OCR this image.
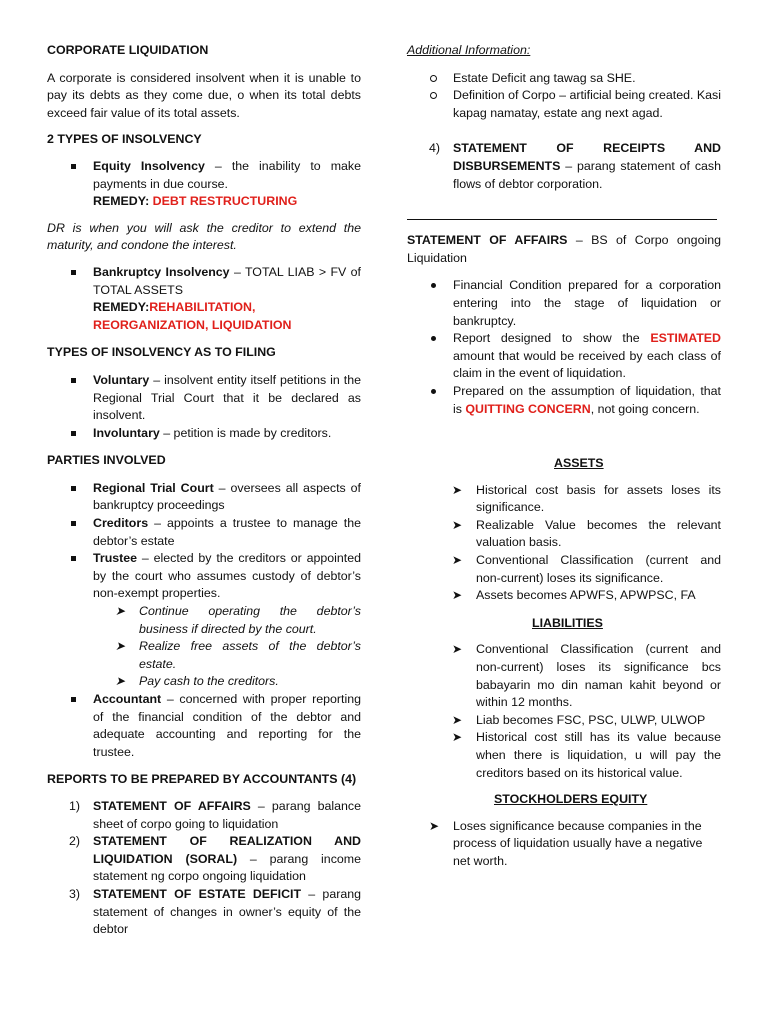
CORPORATE LIQUIDATION

A corporate is considered insolvent when it is unable to pay its debts as they come due, o when its total debts exceed fair value of its total assets.

2 TYPES OF INSOLVENCY

Equity Insolvency – the inability to make payments in due course.
REMEDY: DEBT RESTRUCTURING

DR is when you will ask the creditor to extend the maturity, and condone the interest.

Bankruptcy Insolvency – TOTAL LIAB > FV of TOTAL ASSETS
REMEDY:REHABILITATION, REORGANIZATION, LIQUIDATION

TYPES OF INSOLVENCY AS TO FILING

Voluntary – insolvent entity itself petitions in the Regional Trial Court that it be declared as insolvent.
Involuntary – petition is made by creditors.

PARTIES INVOLVED

Regional Trial Court – oversees all aspects of bankruptcy proceedings
Creditors – appoints a trustee to manage the debtor’s estate
Trustee – elected by the creditors or appointed by the court who assumes custody of debtor’s non-exempt properties.
➤ Continue operating the debtor’s business if directed by the court.
➤ Realize free assets of the debtor’s estate.
➤ Pay cash to the creditors.
Accountant – concerned with proper reporting of the financial condition of the debtor and adequate accounting and reporting for the trustee.

REPORTS TO BE PREPARED BY ACCOUNTANTS (4)

1) STATEMENT OF AFFAIRS – parang balance sheet of corpo going to liquidation
2) STATEMENT OF REALIZATION AND LIQUIDATION (SORAL) – parang income statement ng corpo ongoing liquidation
3) STATEMENT OF ESTATE DEFICIT – parang statement of changes in owner’s equity of the debtor

Additional Information:

Estate Deficit ang tawag sa SHE.
Definition of Corpo – artificial being created. Kasi kapag namatay, estate ang next agad.
4) STATEMENT OF RECEIPTS AND DISBURSEMENTS – parang statement of cash flows of debtor corporation.

STATEMENT OF AFFAIRS – BS of Corpo ongoing Liquidation

Financial Condition prepared for a corporation entering into the stage of liquidation or bankruptcy.
Report designed to show the ESTIMATED amount that would be received by each class of claim in the event of liquidation.
Prepared on the assumption of liquidation, that is QUITTING CONCERN, not going concern.

ASSETS

➤ Historical cost basis for assets loses its significance.
➤ Realizable Value becomes the relevant valuation basis.
➤ Conventional Classification (current and non-current) loses its significance.
➤ Assets becomes APWFS, APWPSC, FA

LIABILITIES

➤ Conventional Classification (current and non-current) loses its significance bcs babayarin mo din naman kahit beyond or within 12 months.
➤ Liab becomes FSC, PSC, ULWP, ULWOP
➤ Historical cost still has its value because when there is liquidation, u will pay the creditors based on its historical value.

STOCKHOLDERS EQUITY

➤ Loses significance because companies in the process of liquidation usually have a negative net worth.
